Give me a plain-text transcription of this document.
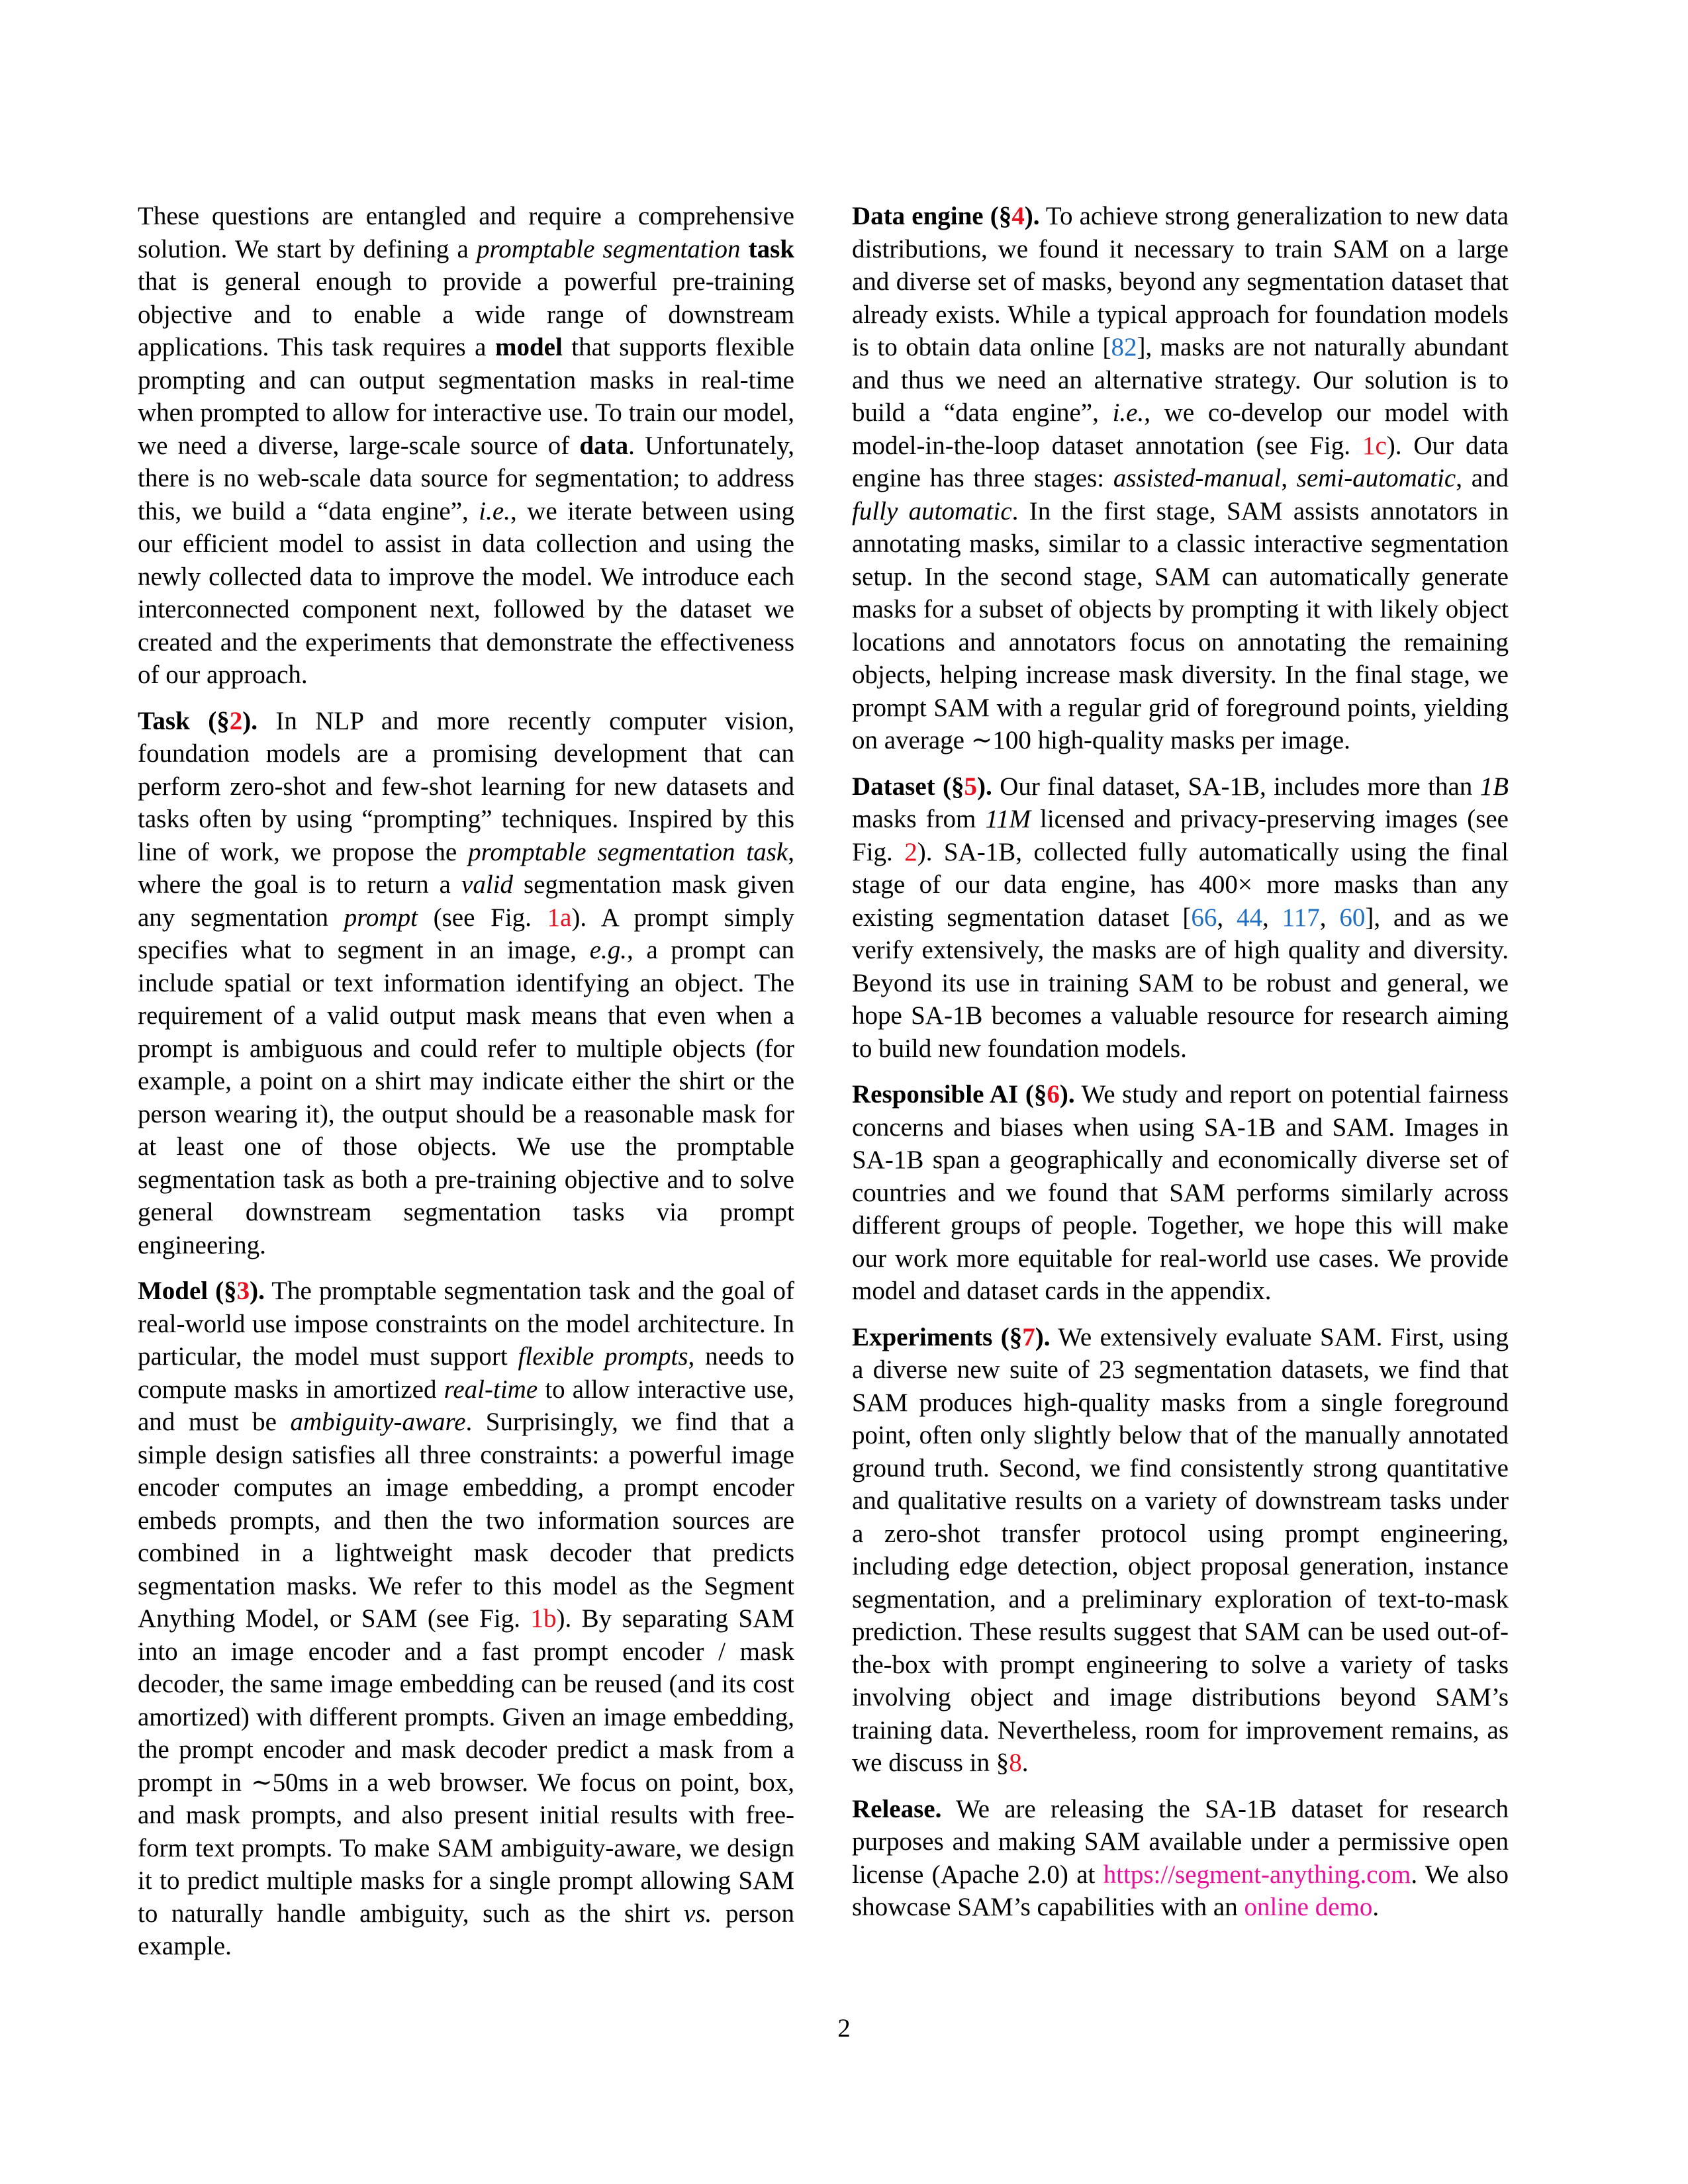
These questions are entangled and require a comprehensive solution. We start by defining a promptable segmentation task that is general enough to provide a powerful pre-training objective and to enable a wide range of downstream applications. This task requires a model that supports flexible prompting and can output segmentation masks in real-time when prompted to allow for interactive use. To train our model, we need a diverse, large-scale source of data. Unfortunately, there is no web-scale data source for segmentation; to address this, we build a “data engine”, i.e., we iterate between using our efficient model to assist in data collection and using the newly collected data to improve the model. We introduce each interconnected component next, followed by the dataset we created and the experiments that demonstrate the effectiveness of our approach.

Task (§2). In NLP and more recently computer vision, foundation models are a promising development that can perform zero-shot and few-shot learning for new datasets and tasks often by using “prompting” techniques. Inspired by this line of work, we propose the promptable segmentation task, where the goal is to return a valid segmentation mask given any segmentation prompt (see Fig. 1a). A prompt simply specifies what to segment in an image, e.g., a prompt can include spatial or text information identifying an object. The requirement of a valid output mask means that even when a prompt is ambiguous and could refer to multiple objects (for example, a point on a shirt may indicate either the shirt or the person wearing it), the output should be a reasonable mask for at least one of those objects. We use the promptable segmentation task as both a pre-training objective and to solve general downstream segmentation tasks via prompt engineering.

Model (§3). The promptable segmentation task and the goal of real-world use impose constraints on the model architecture. In particular, the model must support flexible prompts, needs to compute masks in amortized real-time to allow interactive use, and must be ambiguity-aware. Surprisingly, we find that a simple design satisfies all three constraints: a powerful image encoder computes an image embedding, a prompt encoder embeds prompts, and then the two information sources are combined in a lightweight mask decoder that predicts segmentation masks. We refer to this model as the Segment Anything Model, or SAM (see Fig. 1b). By separating SAM into an image encoder and a fast prompt encoder / mask decoder, the same image embedding can be reused (and its cost amortized) with different prompts. Given an image embedding, the prompt encoder and mask decoder predict a mask from a prompt in ∼50ms in a web browser. We focus on point, box, and mask prompts, and also present initial results with free-form text prompts. To make SAM ambiguity-aware, we design it to predict multiple masks for a single prompt allowing SAM to naturally handle ambiguity, such as the shirt vs. person example.

Data engine (§4). To achieve strong generalization to new data distributions, we found it necessary to train SAM on a large and diverse set of masks, beyond any segmentation dataset that already exists. While a typical approach for foundation models is to obtain data online [82], masks are not naturally abundant and thus we need an alternative strategy. Our solution is to build a “data engine”, i.e., we co-develop our model with model-in-the-loop dataset annotation (see Fig. 1c). Our data engine has three stages: assisted-manual, semi-automatic, and fully automatic. In the first stage, SAM assists annotators in annotating masks, similar to a classic interactive segmentation setup. In the second stage, SAM can automatically generate masks for a subset of objects by prompting it with likely object locations and annotators focus on annotating the remaining objects, helping increase mask diversity. In the final stage, we prompt SAM with a regular grid of foreground points, yielding on average ∼100 high-quality masks per image.

Dataset (§5). Our final dataset, SA-1B, includes more than 1B masks from 11M licensed and privacy-preserving images (see Fig. 2). SA-1B, collected fully automatically using the final stage of our data engine, has 400× more masks than any existing segmentation dataset [66, 44, 117, 60], and as we verify extensively, the masks are of high quality and diversity. Beyond its use in training SAM to be robust and general, we hope SA-1B becomes a valuable resource for research aiming to build new foundation models.

Responsible AI (§6). We study and report on potential fairness concerns and biases when using SA-1B and SAM. Images in SA-1B span a geographically and economically diverse set of countries and we found that SAM performs similarly across different groups of people. Together, we hope this will make our work more equitable for real-world use cases. We provide model and dataset cards in the appendix.

Experiments (§7). We extensively evaluate SAM. First, using a diverse new suite of 23 segmentation datasets, we find that SAM produces high-quality masks from a single foreground point, often only slightly below that of the manually annotated ground truth. Second, we find consistently strong quantitative and qualitative results on a variety of downstream tasks under a zero-shot transfer protocol using prompt engineering, including edge detection, object proposal generation, instance segmentation, and a preliminary exploration of text-to-mask prediction. These results suggest that SAM can be used out-of-the-box with prompt engineering to solve a variety of tasks involving object and image distributions beyond SAM’s training data. Nevertheless, room for improvement remains, as we discuss in §8.

Release. We are releasing the SA-1B dataset for research purposes and making SAM available under a permissive open license (Apache 2.0) at https://segment-anything.com. We also showcase SAM’s capabilities with an online demo.

2
